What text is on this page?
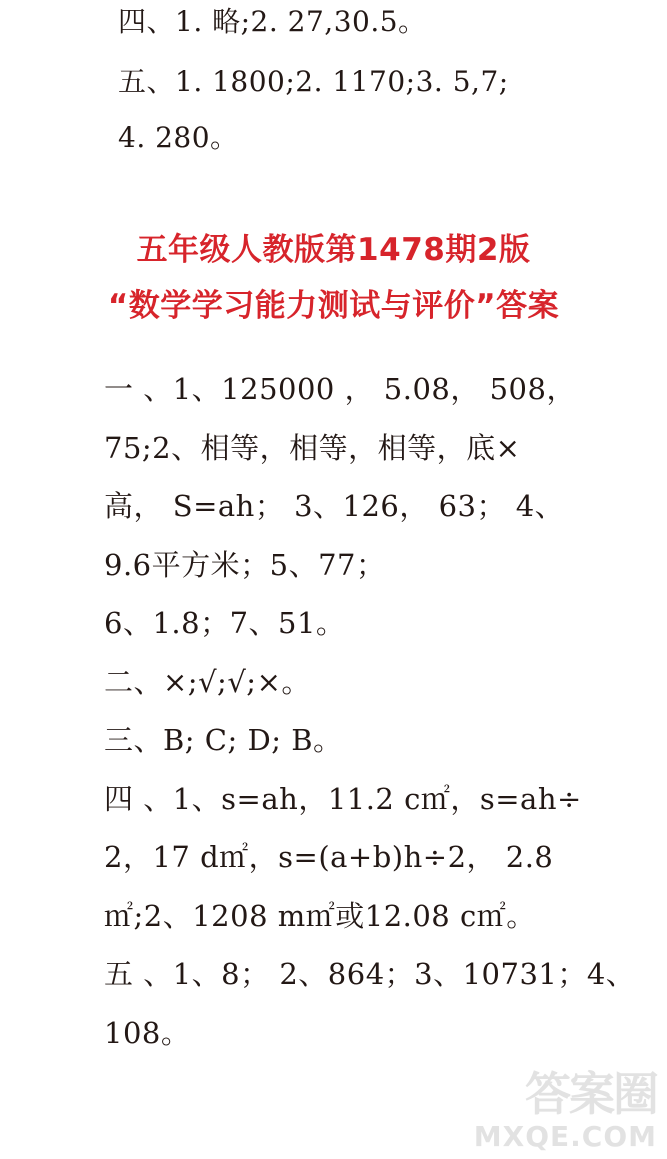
四、1. 略;2. 27,30.5。
五、1. 1800;2. 1170;3. 5,7;
4. 280。
五年级人教版第1478期2版
“数学学习能力测试与评价”答案
一 、1、125000 ， 5.08， 508，
75;2、相等，相等，相等，底×
高， S=ah； 3、126， 63； 4、
9.6平方米；5、77；
6、1.8；7、51。
二、×;√;√;×。
三、B; C; D; B。
四 、1、s=ah，11.2 c㎡，s=ah÷
2，17 d㎡，s=(a+b)h÷2， 2.8
㎡;2、1208 m㎡或12.08 c㎡。
五 、1、8； 2、864；3、10731；4、
108。
答案圈
MXQE.COM
